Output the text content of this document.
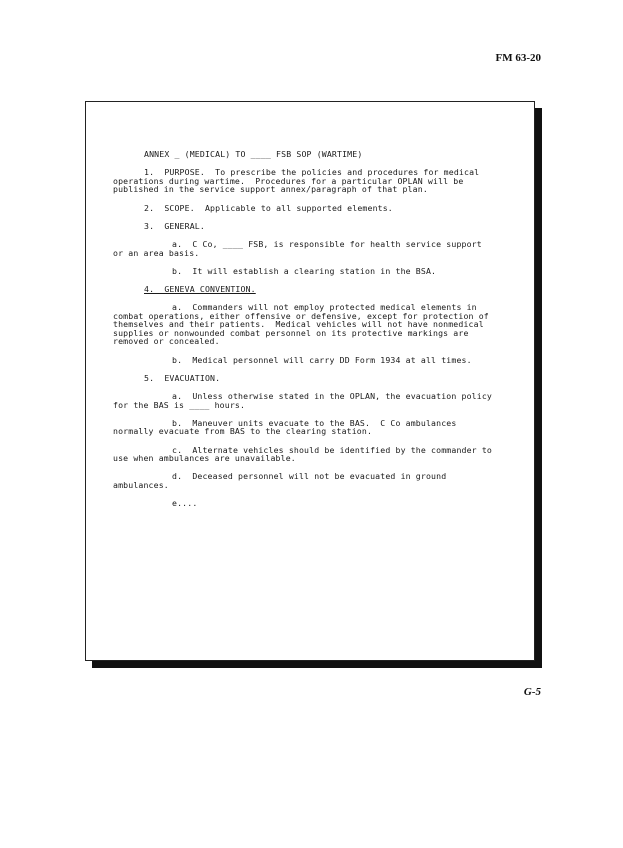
FM 63-20

ANNEX _ (MEDICAL) TO ____ FSB SOP (WARTIME)

1.  PURPOSE.  To prescribe the policies and procedures for medical
operations during wartime.  Procedures for a particular OPLAN will be
published in the service support annex/paragraph of that plan.

2.  SCOPE.  Applicable to all supported elements.

3.  GENERAL.

a.  C Co, ____ FSB, is responsible for health service support
or an area basis.

b.  It will establish a clearing station in the BSA.

4.  GENEVA CONVENTION.

a.  Commanders will not employ protected medical elements in
combat operations, either offensive or defensive, except for protection of
themselves and their patients.  Medical vehicles will not have nonmedical
supplies or nonwounded combat personnel on its protective markings are
removed or concealed.

b.  Medical personnel will carry DD Form 1934 at all times.

5.  EVACUATION.

a.  Unless otherwise stated in the OPLAN, the evacuation policy
for the BAS is ____ hours.

b.  Maneuver units evacuate to the BAS.  C Co ambulances
normally evacuate from BAS to the clearing station.

c.  Alternate vehicles should be identified by the commander to
use when ambulances are unavailable.

d.  Deceased personnel will not be evacuated in ground
ambulances.

e....

G-5
